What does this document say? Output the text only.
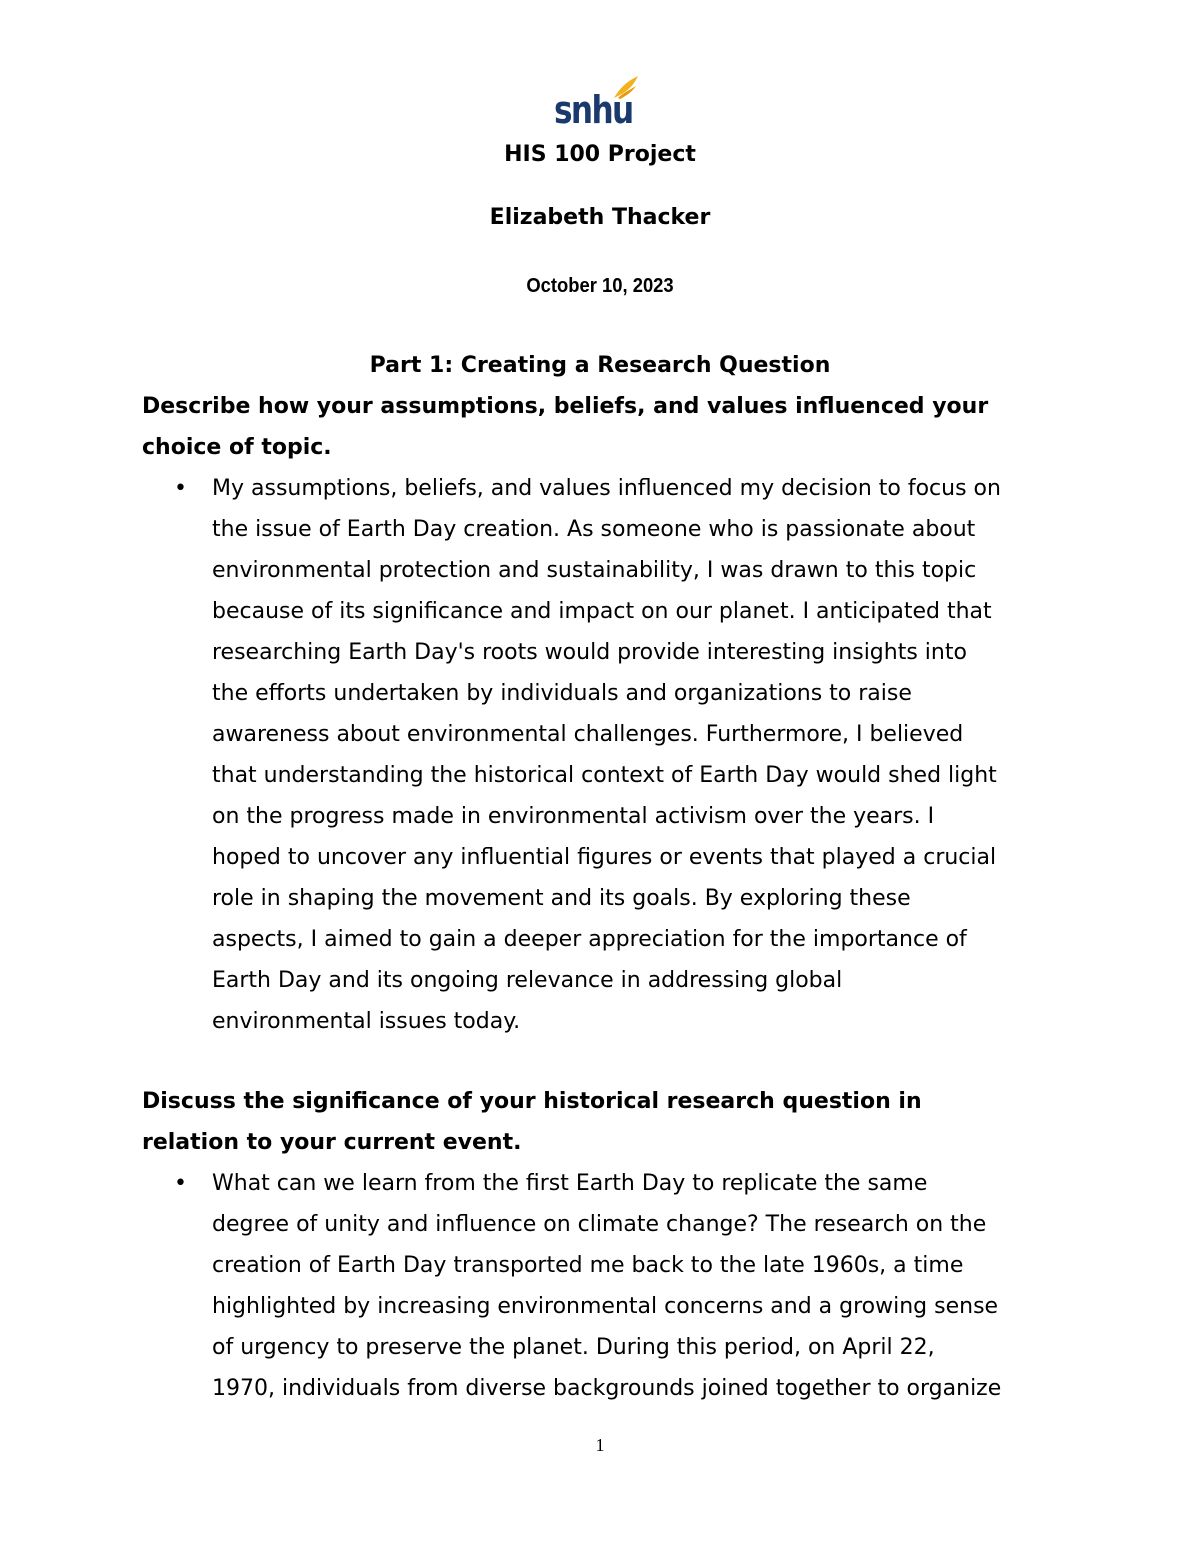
snhu
HIS 100 Project
Elizabeth Thacker
October 10, 2023
Part 1: Creating a Research Question

Describe how your assumptions, beliefs, and values influenced your
choice of topic.

• My assumptions, beliefs, and values influenced my decision to focus on
the issue of Earth Day creation. As someone who is passionate about
environmental protection and sustainability, I was drawn to this topic
because of its significance and impact on our planet. I anticipated that
researching Earth Day's roots would provide interesting insights into
the efforts undertaken by individuals and organizations to raise
awareness about environmental challenges. Furthermore, I believed
that understanding the historical context of Earth Day would shed light
on the progress made in environmental activism over the years. I
hoped to uncover any influential figures or events that played a crucial
role in shaping the movement and its goals. By exploring these
aspects, I aimed to gain a deeper appreciation for the importance of
Earth Day and its ongoing relevance in addressing global
environmental issues today.

Discuss the significance of your historical research question in
relation to your current event.

• What can we learn from the first Earth Day to replicate the same
degree of unity and influence on climate change? The research on the
creation of Earth Day transported me back to the late 1960s, a time
highlighted by increasing environmental concerns and a growing sense
of urgency to preserve the planet. During this period, on April 22,
1970, individuals from diverse backgrounds joined together to organize
1
